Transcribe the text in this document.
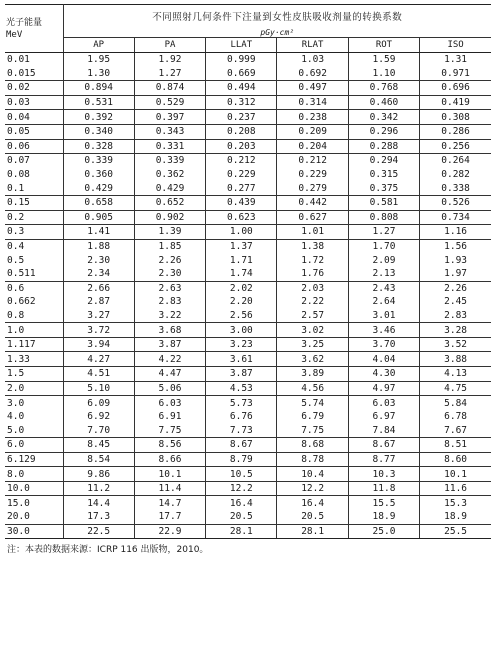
光子能量
MeV	不同照射几何条件下注量到女性皮肤吸收剂量的转换系数					
	pGy·cm²					
	AP	PA	LLAT	RLAT	ROT	ISO
0.01	1.95	1.92	0.999	1.03	1.59	1.31
0.015	1.30	1.27	0.669	0.692	1.10	0.971
0.02	0.894	0.874	0.494	0.497	0.768	0.696
0.03	0.531	0.529	0.312	0.314	0.460	0.419
0.04	0.392	0.397	0.237	0.238	0.342	0.308
0.05	0.340	0.343	0.208	0.209	0.296	0.286
0.06	0.328	0.331	0.203	0.204	0.288	0.256
0.07	0.339	0.339	0.212	0.212	0.294	0.264
0.08	0.360	0.362	0.229	0.229	0.315	0.282
0.1	0.429	0.429	0.277	0.279	0.375	0.338
0.15	0.658	0.652	0.439	0.442	0.581	0.526
0.2	0.905	0.902	0.623	0.627	0.808	0.734
0.3	1.41	1.39	1.00	1.01	1.27	1.16
0.4	1.88	1.85	1.37	1.38	1.70	1.56
0.5	2.30	2.26	1.71	1.72	2.09	1.93
0.511	2.34	2.30	1.74	1.76	2.13	1.97
0.6	2.66	2.63	2.02	2.03	2.43	2.26
0.662	2.87	2.83	2.20	2.22	2.64	2.45
0.8	3.27	3.22	2.56	2.57	3.01	2.83
1.0	3.72	3.68	3.00	3.02	3.46	3.28
1.117	3.94	3.87	3.23	3.25	3.70	3.52
1.33	4.27	4.22	3.61	3.62	4.04	3.88
1.5	4.51	4.47	3.87	3.89	4.30	4.13
2.0	5.10	5.06	4.53	4.56	4.97	4.75
3.0	6.09	6.03	5.73	5.74	6.03	5.84
4.0	6.92	6.91	6.76	6.79	6.97	6.78
5.0	7.70	7.75	7.73	7.75	7.84	7.67
6.0	8.45	8.56	8.67	8.68	8.67	8.51
6.129	8.54	8.66	8.79	8.78	8.77	8.60
8.0	9.86	10.1	10.5	10.4	10.3	10.1
10.0	11.2	11.4	12.2	12.2	11.8	11.6
15.0	14.4	14.7	16.4	16.4	15.5	15.3
20.0	17.3	17.7	20.5	20.5	18.9	18.9
30.0	22.5	22.9	28.1	28.1	25.0	25.5
注：本表的数据来源：ICRP 116 出版物，2010。
